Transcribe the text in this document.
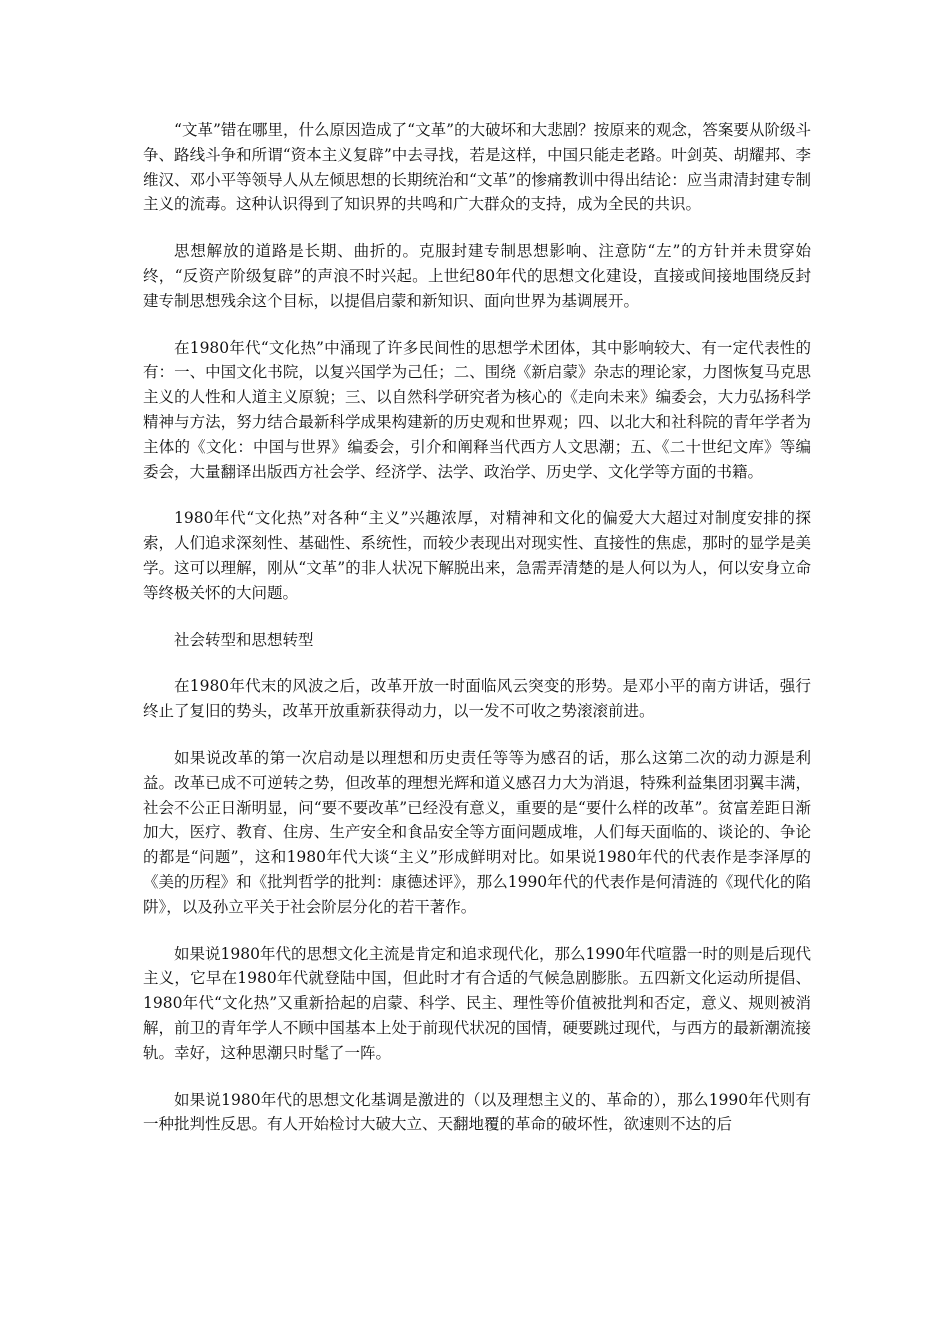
“文革”错在哪里，什么原因造成了“文革”的大破坏和大悲剧？按原来的观念，答案要从阶级斗争、路线斗争和所谓“资本主义复辟”中去寻找，若是这样，中国只能走老路。叶剑英、胡耀邦、李维汉、邓小平等领导人从左倾思想的长期统治和“文革”的惨痛教训中得出结论：应当肃清封建专制主义的流毒。这种认识得到了知识界的共鸣和广大群众的支持，成为全民的共识。

思想解放的道路是长期、曲折的。克服封建专制思想影响、注意防“左”的方针并未贯穿始终，“反资产阶级复辟”的声浪不时兴起。上世纪80年代的思想文化建设，直接或间接地围绕反封建专制思想残余这个目标，以提倡启蒙和新知识、面向世界为基调展开。

在1980年代“文化热”中涌现了许多民间性的思想学术团体，其中影响较大、有一定代表性的有：一、中国文化书院，以复兴国学为己任；二、围绕《新启蒙》杂志的理论家，力图恢复马克思主义的人性和人道主义原貌；三、以自然科学研究者为核心的《走向未来》编委会，大力弘扬科学精神与方法，努力结合最新科学成果构建新的历史观和世界观；四、以北大和社科院的青年学者为主体的《文化：中国与世界》编委会，引介和阐释当代西方人文思潮；五、《二十世纪文库》等编委会，大量翻译出版西方社会学、经济学、法学、政治学、历史学、文化学等方面的书籍。

1980年代“文化热”对各种“主义”兴趣浓厚，对精神和文化的偏爱大大超过对制度安排的探索，人们追求深刻性、基础性、系统性，而较少表现出对现实性、直接性的焦虑，那时的显学是美学。这可以理解，刚从“文革”的非人状况下解脱出来，急需弄清楚的是人何以为人，何以安身立命等终极关怀的大问题。

社会转型和思想转型

在1980年代末的风波之后，改革开放一时面临风云突变的形势。是邓小平的南方讲话，强行终止了复旧的势头，改革开放重新获得动力，以一发不可收之势滚滚前进。

如果说改革的第一次启动是以理想和历史责任等等为感召的话，那么这第二次的动力源是利益。改革已成不可逆转之势，但改革的理想光辉和道义感召力大为消退，特殊利益集团羽翼丰满，社会不公正日渐明显，问“要不要改革”已经没有意义，重要的是“要什么样的改革”。贫富差距日渐加大，医疗、教育、住房、生产安全和食品安全等方面问题成堆，人们每天面临的、谈论的、争论的都是“问题”，这和1980年代大谈“主义”形成鲜明对比。如果说1980年代的代表作是李泽厚的《美的历程》和《批判哲学的批判：康德述评》，那么1990年代的代表作是何清涟的《现代化的陷阱》，以及孙立平关于社会阶层分化的若干著作。

如果说1980年代的思想文化主流是肯定和追求现代化，那么1990年代喧嚣一时的则是后现代主义，它早在1980年代就登陆中国，但此时才有合适的气候急剧膨胀。五四新文化运动所提倡、1980年代“文化热”又重新拾起的启蒙、科学、民主、理性等价值被批判和否定，意义、规则被消解，前卫的青年学人不顾中国基本上处于前现代状况的国情，硬要跳过现代，与西方的最新潮流接轨。幸好，这种思潮只时髦了一阵。

如果说1980年代的思想文化基调是激进的（以及理想主义的、革命的），那么1990年代则有一种批判性反思。有人开始检讨大破大立、天翻地覆的革命的破坏性，欲速则不达的后
